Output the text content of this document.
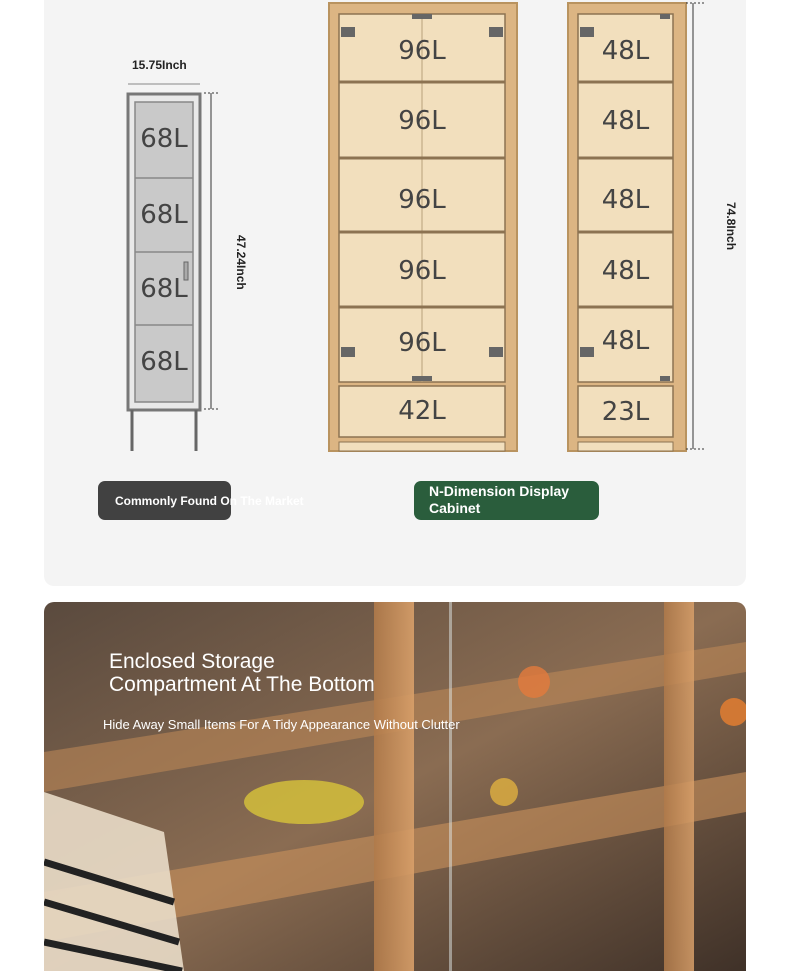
15.75Inch
68L
68L
68L
68L
47.24Inch
96L
96L
96L
96L
96L
42L
48L
48L
48L
48L
48L
23L
74.8Inch
Commonly Found On The Market
N-Dimension Display Cabinet
Enclosed Storage
Compartment At The Bottom
Hide Away Small Items For A Tidy Appearance Without Clutter
